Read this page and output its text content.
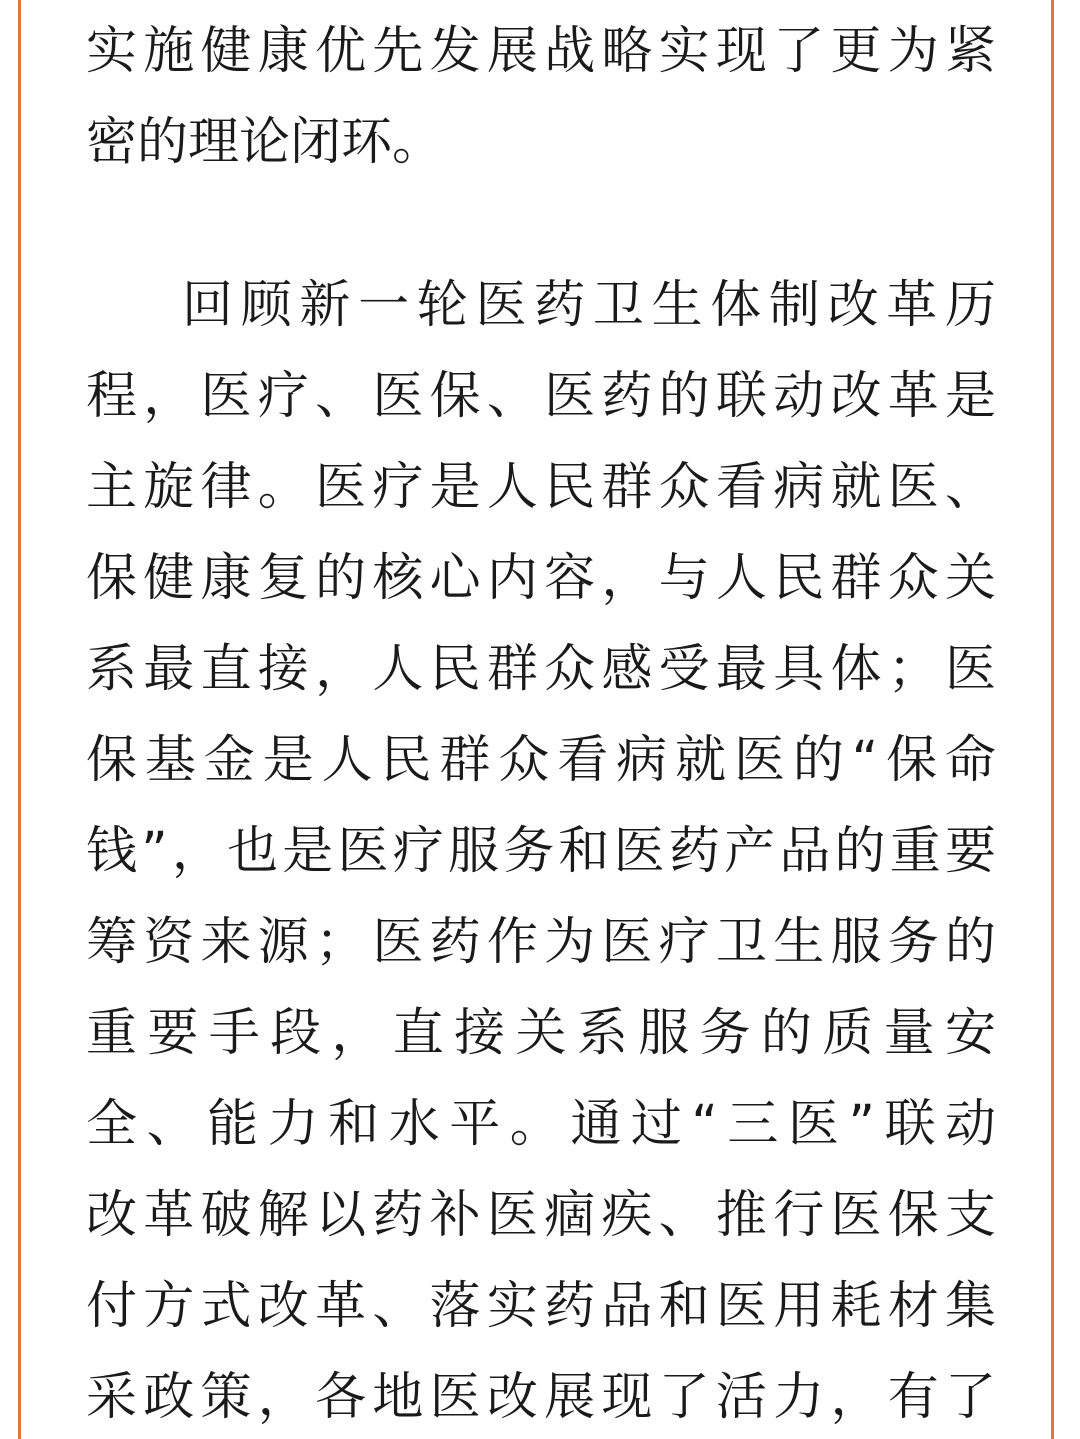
实施健康优先发展战略实现了更为紧
密的理论闭环。
回顾新一轮医药卫生体制改革历
程，医疗、医保、医药的联动改革是
主旋律。医疗是人民群众看病就医、
保健康复的核心内容，与人民群众关
系最直接，人民群众感受最具体；医
保基金是人民群众看病就医的“保命
钱”，也是医疗服务和医药产品的重要
筹资来源；医药作为医疗卫生服务的
重要手段，直接关系服务的质量安
全、能力和水平。通过“三医”联动
改革破解以药补医痼疾、推行医保支
付方式改革、落实药品和医用耗材集
采政策，各地医改展现了活力，有了
